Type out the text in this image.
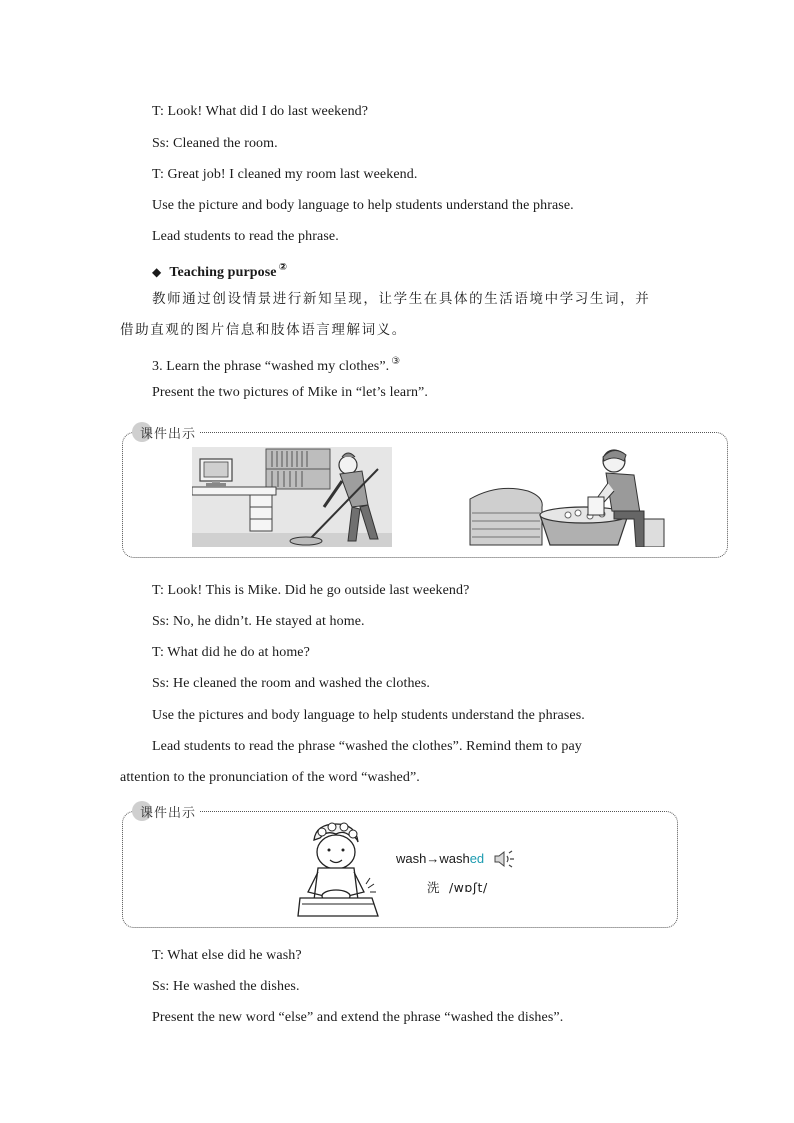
T: Look! What did I do last weekend?
Ss: Cleaned the room.
T: Great job! I cleaned my room last weekend.
Use the picture and body language to help students understand the phrase.
Lead students to read the phrase.
◆ Teaching purpose ②
教师通过创设情景进行新知呈现，让学生在具体的生活语境中学习生词，并
借助直观的图片信息和肢体语言理解词义。
3. Learn the phrase “washed my clothes”. ③
Present the two pictures of Mike in “let’s learn”.
课件出示
T: Look! This is Mike. Did he go outside last weekend?
Ss: No, he didn’t. He stayed at home.
T: What did he do at home?
Ss: He cleaned the room and washed the clothes.
Use the pictures and body language to help students understand the phrases.
Lead students to read the phrase “washed the clothes”. Remind them to pay
attention to the pronunciation of the word “washed”.
课件出示
wash→washed
洗 /wɒʃt/
T: What else did he wash?
Ss: He washed the dishes.
Present the new word “else” and extend the phrase “washed the dishes”.
